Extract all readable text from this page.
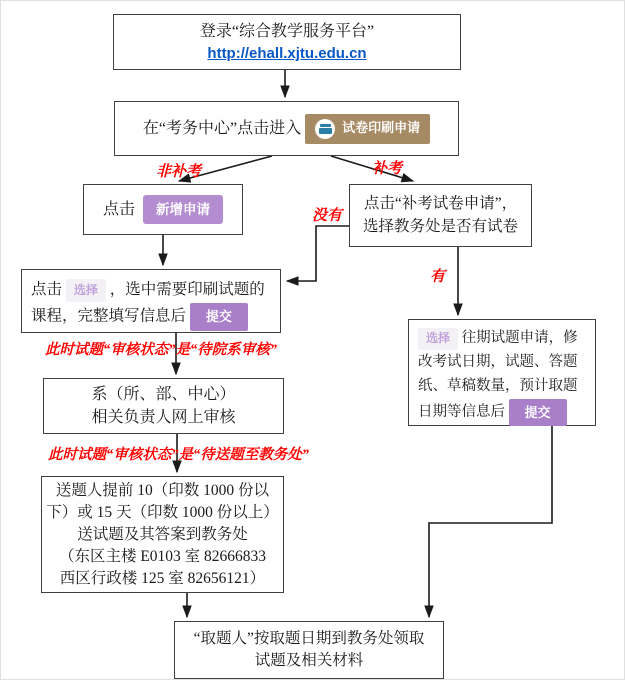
登录“综合教学服务平台”
http://ehall.xjtu.edu.cn
在“考务中心”点击进入	试卷印刷申请
非补考	补考
点击	新增申请	点击“补考试卷申请”，
选择教务处是否有试卷
没有
有
点击 选择 ，选中需要印刷试题的课程，完整填写信息后 提交
此时试题“审核状态”是“待院系审核”
系（所、部、中心）
相关负责人网上审核
此时试题“审核状态”是“待送题至教务处”
送题人提前 10（印数 1000 份以
下）或 15 天（印数 1000 份以上）
送试题及其答案到教务处
（东区主楼 E0103 室 82666833
西区行政楼 125 室 82656121）
选择 往期试题申请，修改考试日期，试题、答题纸、草稿数量，预计取题日期等信息后 提交
“取题人”按取题日期到教务处领取
试题及相关材料
